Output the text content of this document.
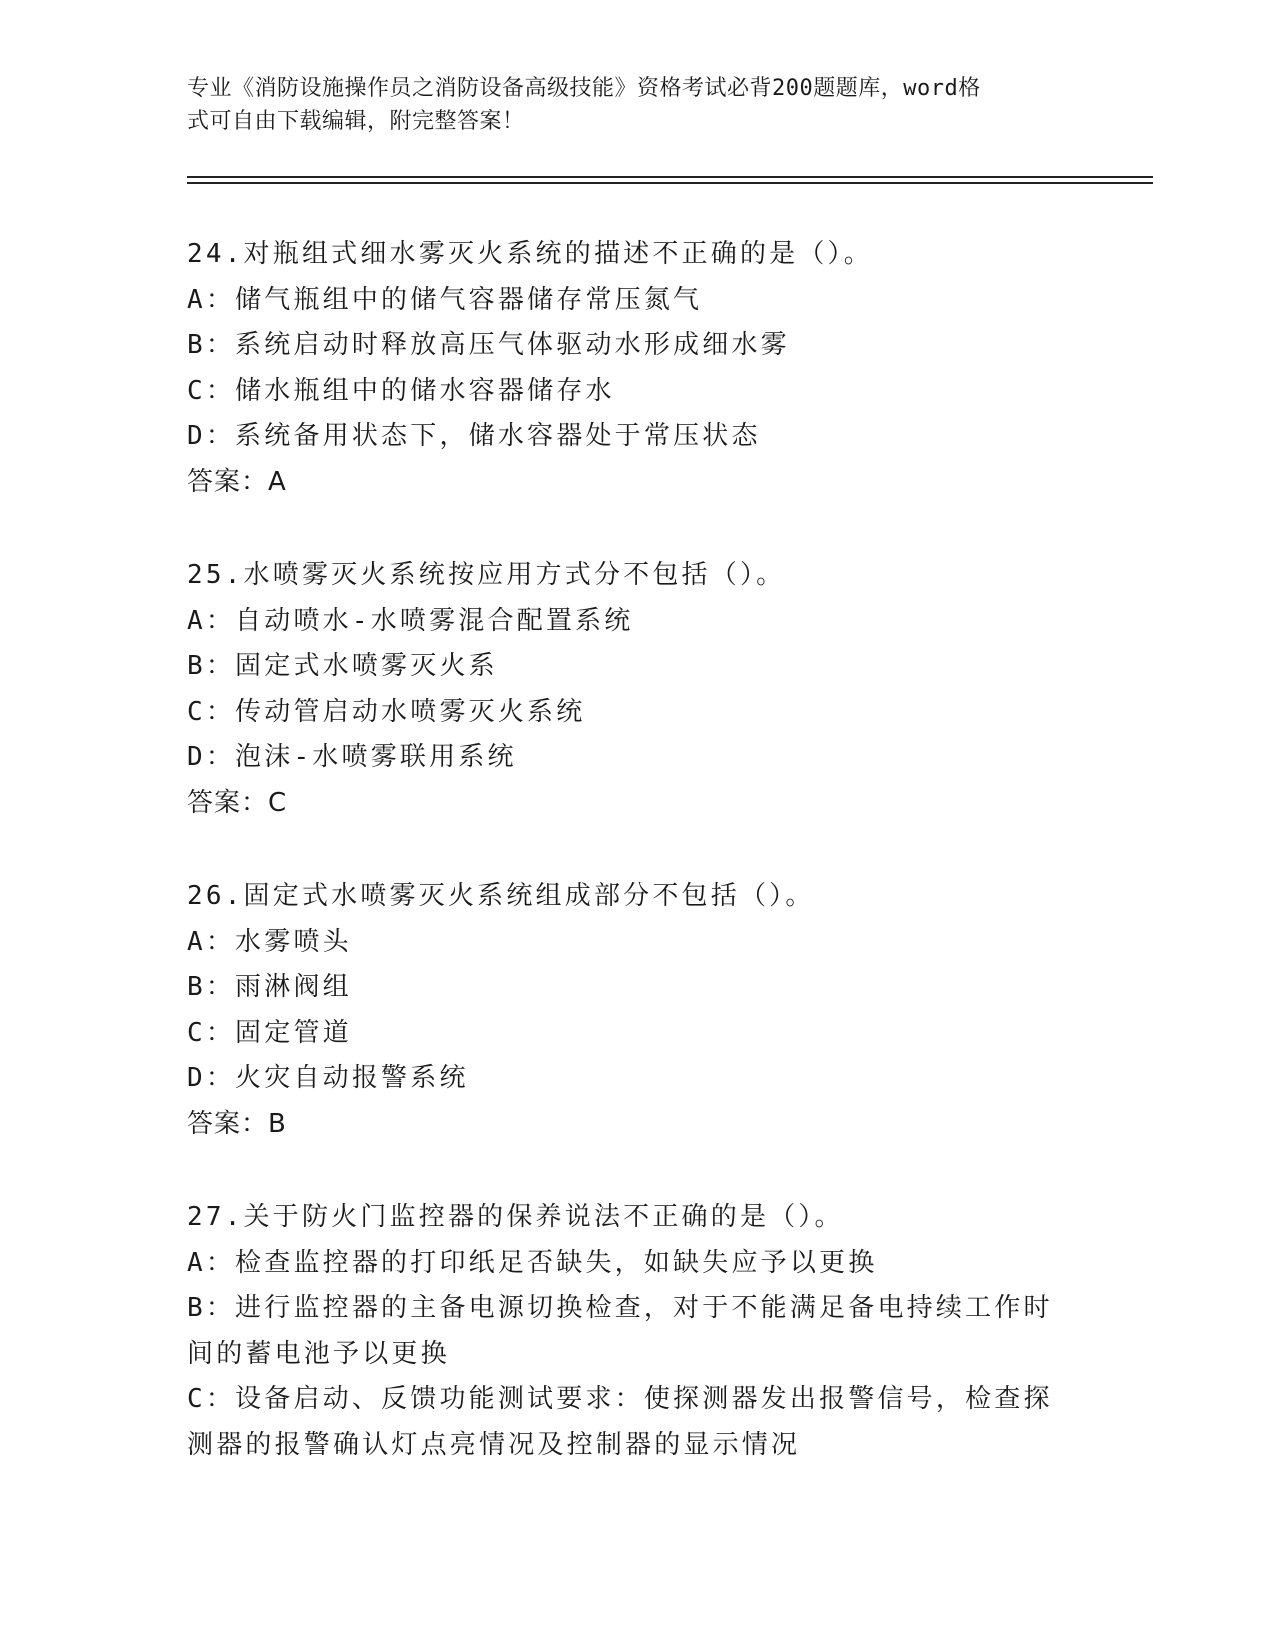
专业《消防设施操作员之消防设备高级技能》资格考试必背200题题库，word格
式可自由下载编辑，附完整答案！
24.对瓶组式细水雾灭火系统的描述不正确的是（）。
A：储气瓶组中的储气容器储存常压氮气
B：系统启动时释放高压气体驱动水形成细水雾
C：储水瓶组中的储水容器储存水
D：系统备用状态下，储水容器处于常压状态
答案：A
25.水喷雾灭火系统按应用方式分不包括（）。
A：自动喷水-水喷雾混合配置系统
B：固定式水喷雾灭火系
C：传动管启动水喷雾灭火系统
D：泡沫-水喷雾联用系统
答案：C
26.固定式水喷雾灭火系统组成部分不包括（）。
A：水雾喷头
B：雨淋阀组
C：固定管道
D：火灾自动报警系统
答案：B
27.关于防火门监控器的保养说法不正确的是（）。
A：检查监控器的打印纸足否缺失，如缺失应予以更换
B：进行监控器的主备电源切换检查，对于不能满足备电持续工作时间的蓄电池予以更换
C：设备启动、反馈功能测试要求：使探测器发出报警信号，检查探测器的报警确认灯点亮情况及控制器的显示情况
